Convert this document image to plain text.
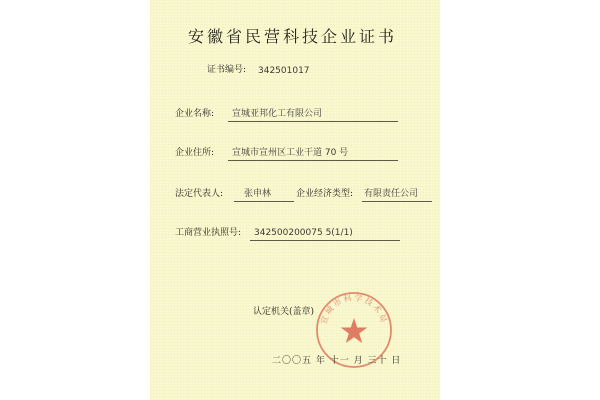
安徽省民营科技企业证书
证书编号: 342501017
企业名称: 宣城亚邦化工有限公司
企业住所: 宣城市宣州区工业干道 70 号
法定代表人: 张申林	企业经济类型: 有限责任公司
工商营业执照号: 342500200075 5(1/1)
宣城市科学技术局
认定机关(盖章)
二〇〇五 年 十一 月 三十 日
